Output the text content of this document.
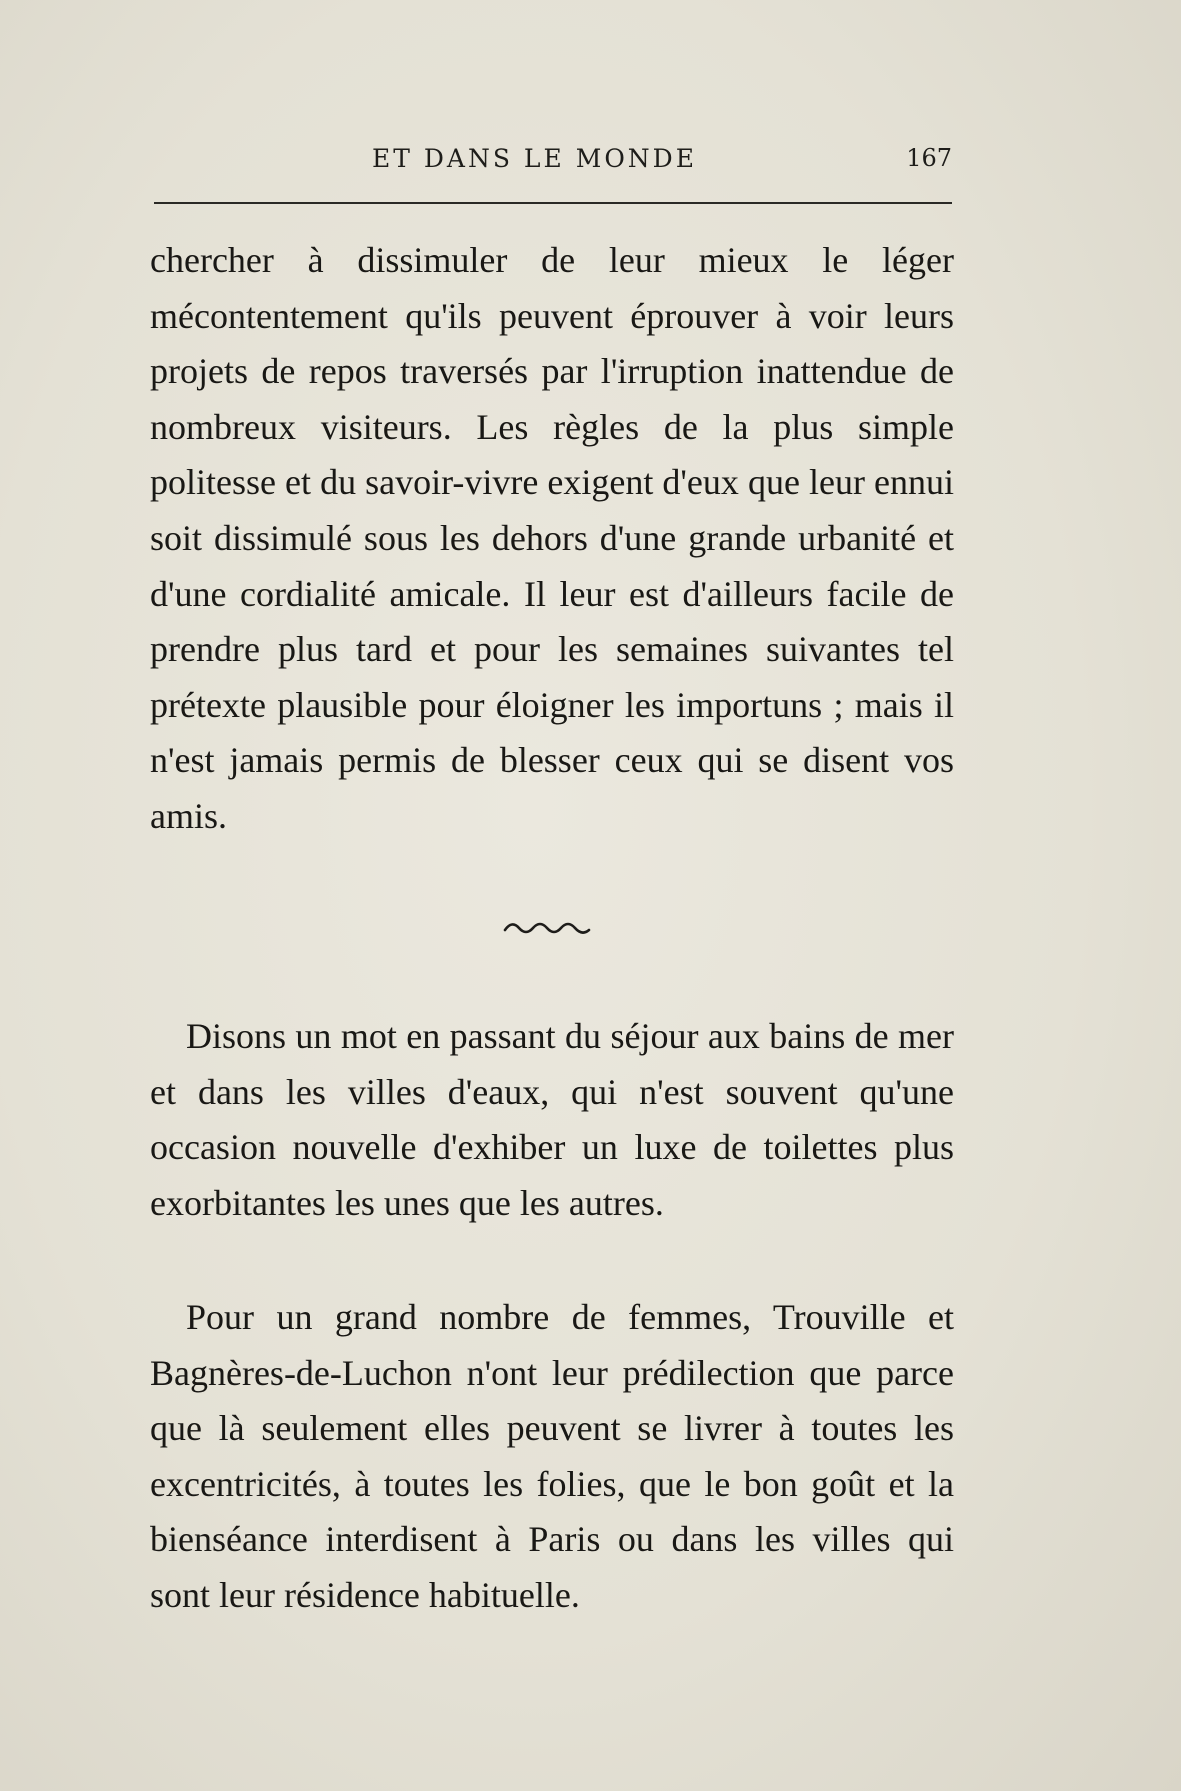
ET DANS LE MONDE	167

chercher à dissimuler de leur mieux le léger mécontentement qu'ils peuvent éprouver à voir leurs projets de repos traversés par l'irruption inattendue de nombreux visiteurs. Les règles de la plus simple politesse et du savoir-vivre exigent d'eux que leur ennui soit dissimulé sous les dehors d'une grande urbanité et d'une cordialité amicale. Il leur est d'ailleurs facile de prendre plus tard et pour les semaines suivantes tel prétexte plausible pour éloigner les importuns ; mais il n'est jamais permis de blesser ceux qui se disent vos amis.

Disons un mot en passant du séjour aux bains de mer et dans les villes d'eaux, qui n'est souvent qu'une occasion nouvelle d'exhiber un luxe de toilettes plus exorbitantes les unes que les autres.

Pour un grand nombre de femmes, Trouville et Bagnères-de-Luchon n'ont leur prédilection que parce que là seulement elles peuvent se livrer à toutes les excentricités, à toutes les folies, que le bon goût et la bienséance interdisent à Paris ou dans les villes qui sont leur résidence habituelle.
